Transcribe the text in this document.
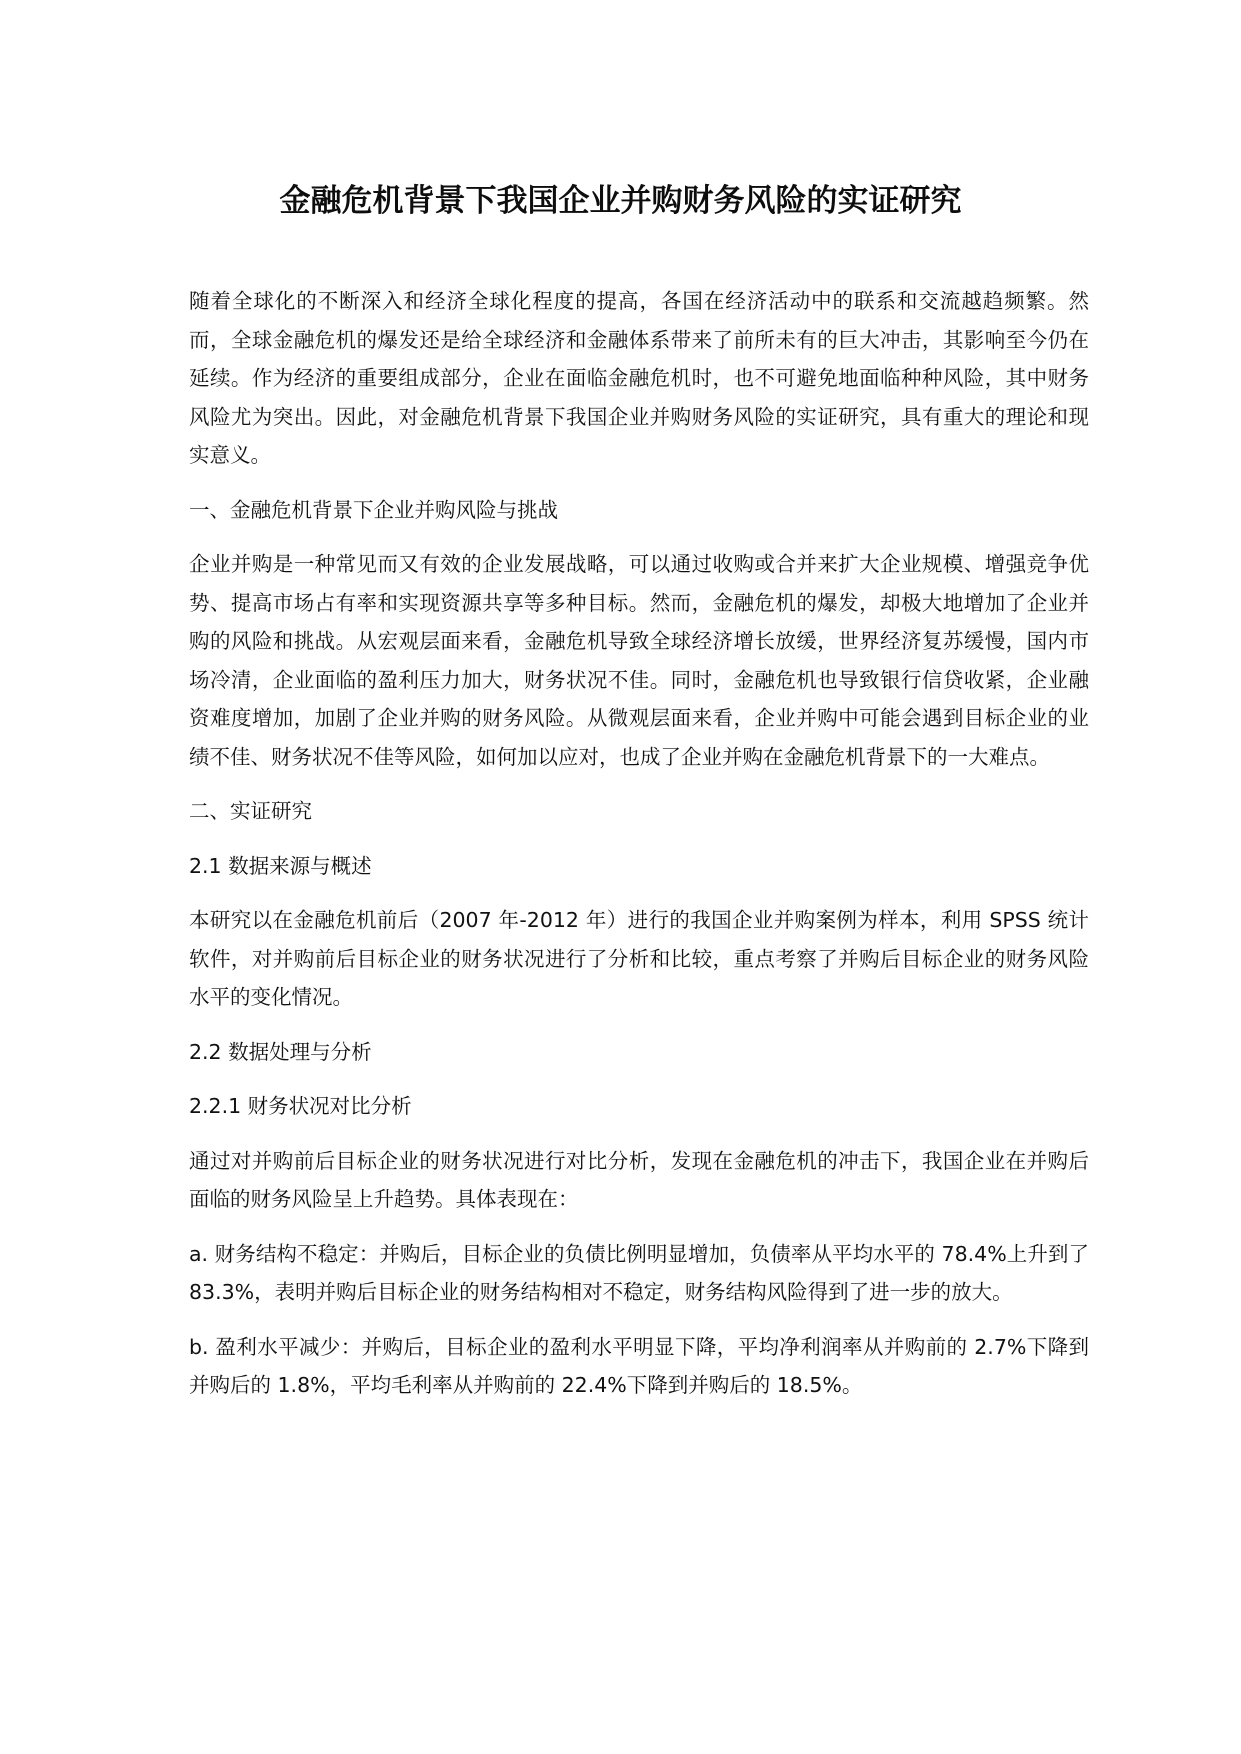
金融危机背景下我国企业并购财务风险的实证研究

随着全球化的不断深入和经济全球化程度的提高，各国在经济活动中的联系和交流越趋频繁。然而，全球金融危机的爆发还是给全球经济和金融体系带来了前所未有的巨大冲击，其影响至今仍在延续。作为经济的重要组成部分，企业在面临金融危机时，也不可避免地面临种种风险，其中财务风险尤为突出。因此，对金融危机背景下我国企业并购财务风险的实证研究，具有重大的理论和现实意义。

一、金融危机背景下企业并购风险与挑战

企业并购是一种常见而又有效的企业发展战略，可以通过收购或合并来扩大企业规模、增强竞争优势、提高市场占有率和实现资源共享等多种目标。然而，金融危机的爆发，却极大地增加了企业并购的风险和挑战。从宏观层面来看，金融危机导致全球经济增长放缓，世界经济复苏缓慢，国内市场冷清，企业面临的盈利压力加大，财务状况不佳。同时，金融危机也导致银行信贷收紧，企业融资难度增加，加剧了企业并购的财务风险。从微观层面来看，企业并购中可能会遇到目标企业的业绩不佳、财务状况不佳等风险，如何加以应对，也成了企业并购在金融危机背景下的一大难点。

二、实证研究

2.1 数据来源与概述

本研究以在金融危机前后（2007 年-2012 年）进行的我国企业并购案例为样本，利用 SPSS 统计软件，对并购前后目标企业的财务状况进行了分析和比较，重点考察了并购后目标企业的财务风险水平的变化情况。

2.2 数据处理与分析

2.2.1 财务状况对比分析

通过对并购前后目标企业的财务状况进行对比分析，发现在金融危机的冲击下，我国企业在并购后面临的财务风险呈上升趋势。具体表现在：

a. 财务结构不稳定：并购后，目标企业的负债比例明显增加，负债率从平均水平的 78.4%上升到了 83.3%，表明并购后目标企业的财务结构相对不稳定，财务结构风险得到了进一步的放大。

b. 盈利水平减少：并购后，目标企业的盈利水平明显下降，平均净利润率从并购前的 2.7%下降到并购后的 1.8%，平均毛利率从并购前的 22.4%下降到并购后的 18.5%。
